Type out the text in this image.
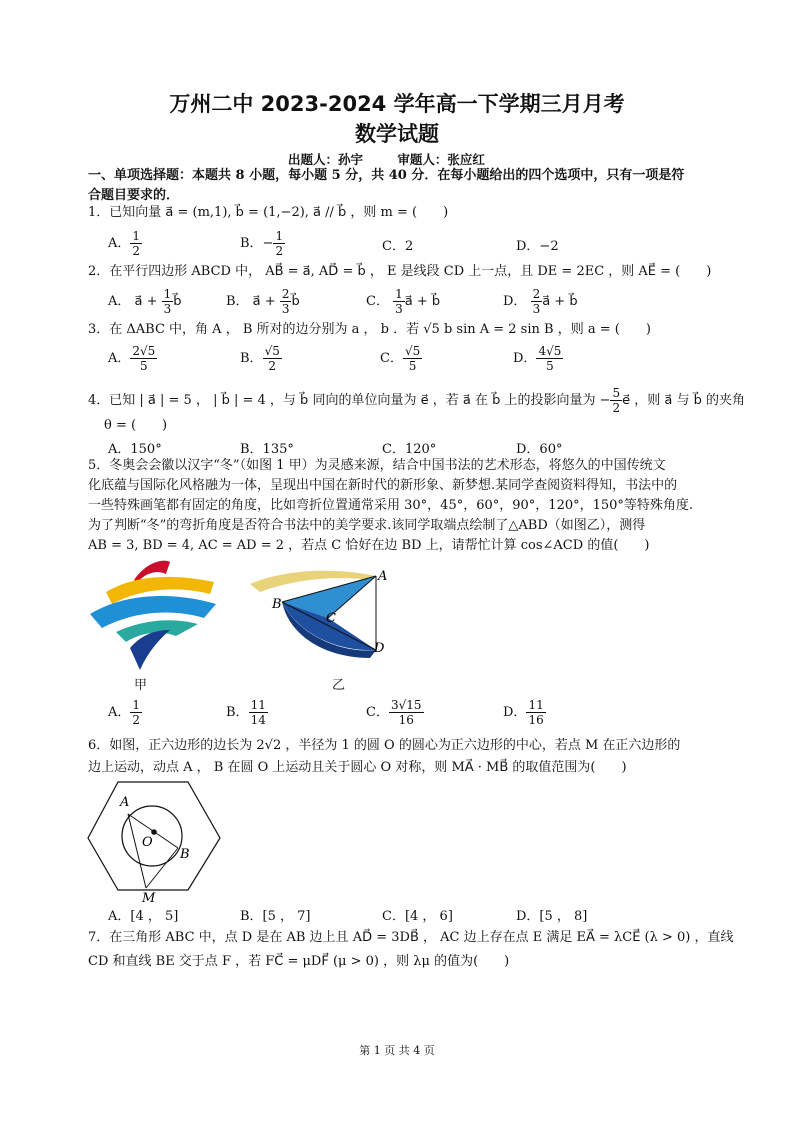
万州二中 2023-2024 学年高一下学期三月月考
数学试题
出题人：孙宇	审题人：张应红
一、单项选择题：本题共 8 小题，每小题 5 分，共 40 分．在每小题给出的四个选项中，只有一项是符
合题目要求的．
1．已知向量 a⃗ = (m,1), b⃗ = (1,−2), a⃗ // b⃗ ，则 m = (　　)
A． $\frac{1}{2}$	B．− $\frac{1}{2}$	C．2	D．−2
2．在平行四边形 ABCD 中， AB⃗ = a⃗, AD⃗ = b⃗ ， E 是线段 CD 上一点，且 DE = 2EC ，则 AE⃗ = (　　)
A． a⃗ + $\frac{1}{3}$ b⃗	B． a⃗ + $\frac{2}{3}$ b⃗	C． $\frac{1}{3}$ a⃗ + b⃗	D． $\frac{2}{3}$ a⃗ + b⃗
3．在 ΔABC 中，角 A ， B 所对的边分别为 a ， b ．若 √5 b sin A = 2 sin B ，则 a = (　　)
A． $\frac{2√5}{5}$	B． $\frac{√5}{2}$	C． $\frac{√5}{5}$	D． $\frac{4√5}{5}$
4．已知 | a⃗ | = 5 ， | b⃗ | = 4 ，与 b⃗ 同向的单位向量为 e⃗ ，若 a⃗ 在 b⃗ 上的投影向量为 − $\frac{5}{2}$ e⃗ ，则 a⃗ 与 b⃗ 的夹角
θ = (　　)
A．150°	B．135°	C．120°	D．60°
5．冬奥会会徽以汉字“冬”（如图 1 甲）为灵感来源，结合中国书法的艺术形态，将悠久的中国传统文
化底蕴与国际化风格融为一体，呈现出中国在新时代的新形象、新梦想.某同学查阅资料得知，书法中的
一些特殊画笔都有固定的角度，比如弯折位置通常采用 30°，45°，60°，90°，120°，150°等特殊角度.
为了判断“冬”的弯折角度是否符合书法中的美学要求.该同学取端点绘制了△ABD（如图乙），测得
AB = 3, BD = 4, AC = AD = 2 ，若点 C 恰好在边 BD 上，请帮忙计算 cos∠ACD 的值(　　)
甲
A
B
C
D
乙
A． $\frac{1}{2}$	B． $\frac{11}{14}$	C． $\frac{3√15}{16}$	D． $\frac{11}{16}$
6．如图，正六边形的边长为 2√2 ，半径为 1 的圆 O 的圆心为正六边形的中心，若点 M 在正六边形的
边上运动，动点 A ， B 在圆 O 上运动且关于圆心 O 对称，则 MA⃗ · MB⃗ 的取值范围为(　　)
A
O
B
M
A．[4 ， 5]	B．[5 ， 7]	C．[4 ， 6]	D．[5 ， 8]
7．在三角形 ABC 中，点 D 是在 AB 边上且 AD⃗ = 3DB⃗ ， AC 边上存在点 E 满足 EA⃗ = λCE⃗ (λ > 0) ，直线
CD 和直线 BE 交于点 F ，若 FC⃗ = μDF⃗ (μ > 0) ，则 λμ 的值为(　　)
第 1 页 共 4 页
